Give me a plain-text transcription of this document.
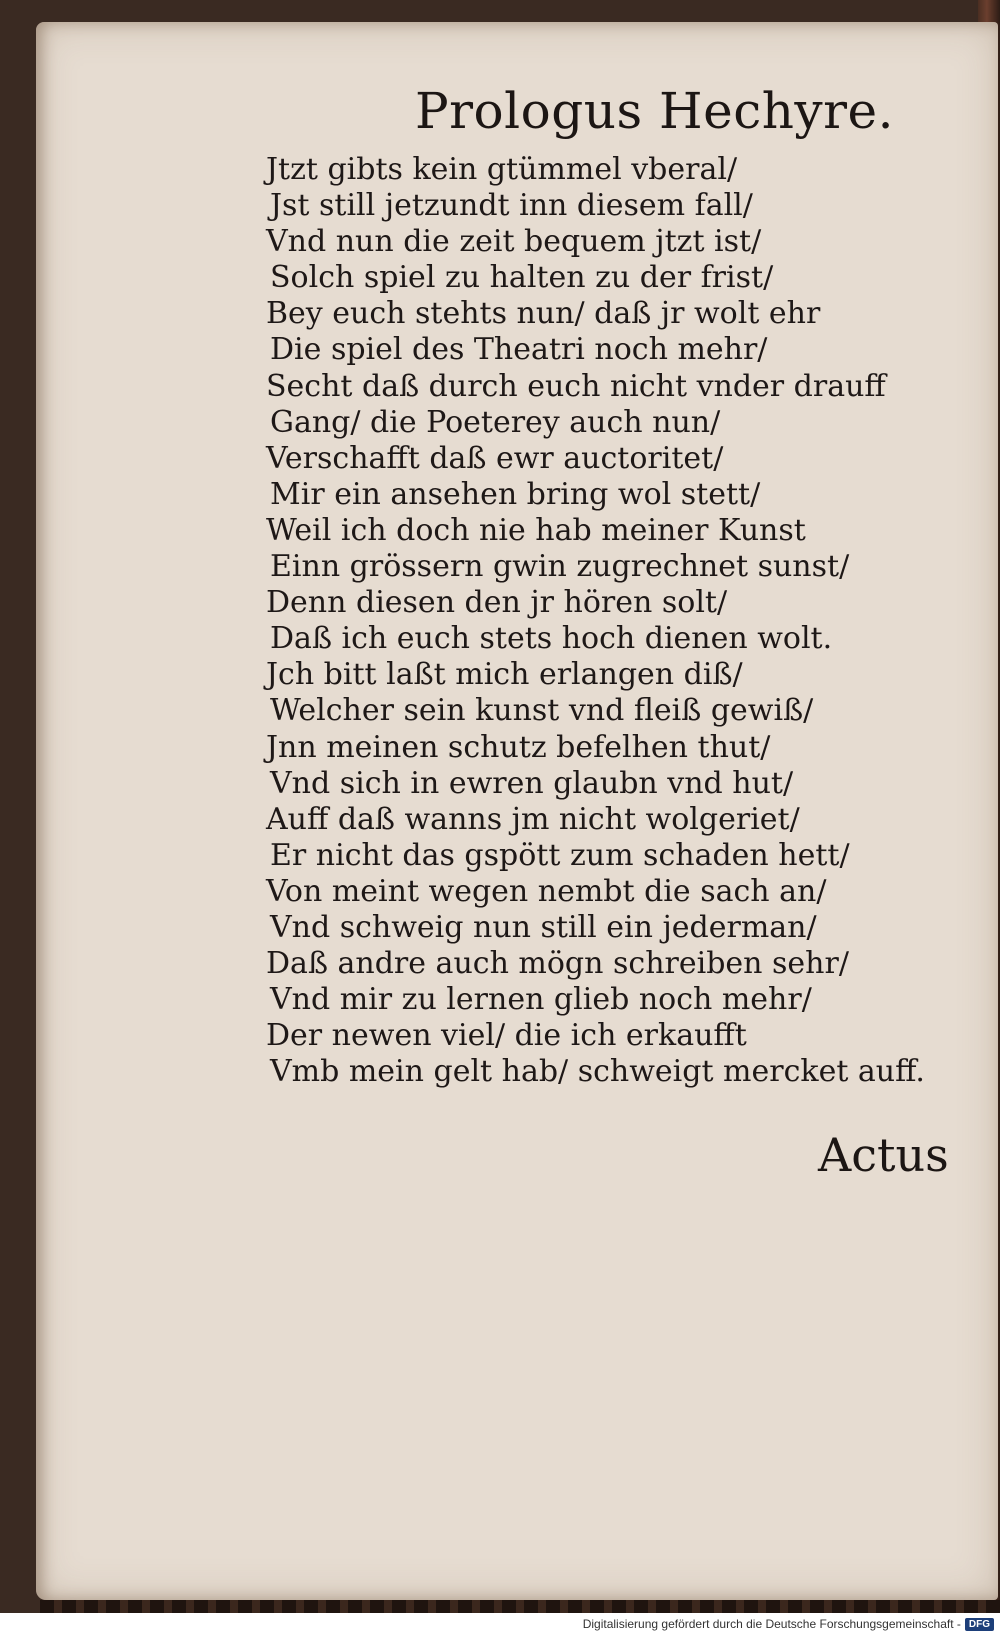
Prologus Hechyre.
Jtzt gibts kein gtümmel vberal/
Jst still jetzundt inn diesem fall/
Vnd nun die zeit bequem jtzt ist/
Solch spiel zu halten zu der frist/
Bey euch stehts nun/ daß jr wolt ehr
Die spiel des Theatri noch mehr/
Secht daß durch euch nicht vnder drauff
Gang/ die Poeterey auch nun/
Verschafft daß ewr auctoritet/
Mir ein ansehen bring wol stett/
Weil ich doch nie hab meiner Kunst
Einn grössern gwin zugrechnet sunst/
Denn diesen den jr hören solt/
Daß ich euch stets hoch dienen wolt.
Jch bitt laßt mich erlangen diß/
Welcher sein kunst vnd fleiß gewiß/
Jnn meinen schutz befelhen thut/
Vnd sich in ewren glaubn vnd hut/
Auff daß wanns jm nicht wolgeriet/
Er nicht das gspött zum schaden hett/
Von meint wegen nembt die sach an/
Vnd schweig nun still ein jederman/
Daß andre auch mögn schreiben sehr/
Vnd mir zu lernen glieb noch mehr/
Der newen viel/ die ich erkaufft
Vmb mein gelt hab/ schweigt mercket auff.
Actus
Digitalisierung gefördert durch die Deutsche Forschungsgemeinschaft - DFG
